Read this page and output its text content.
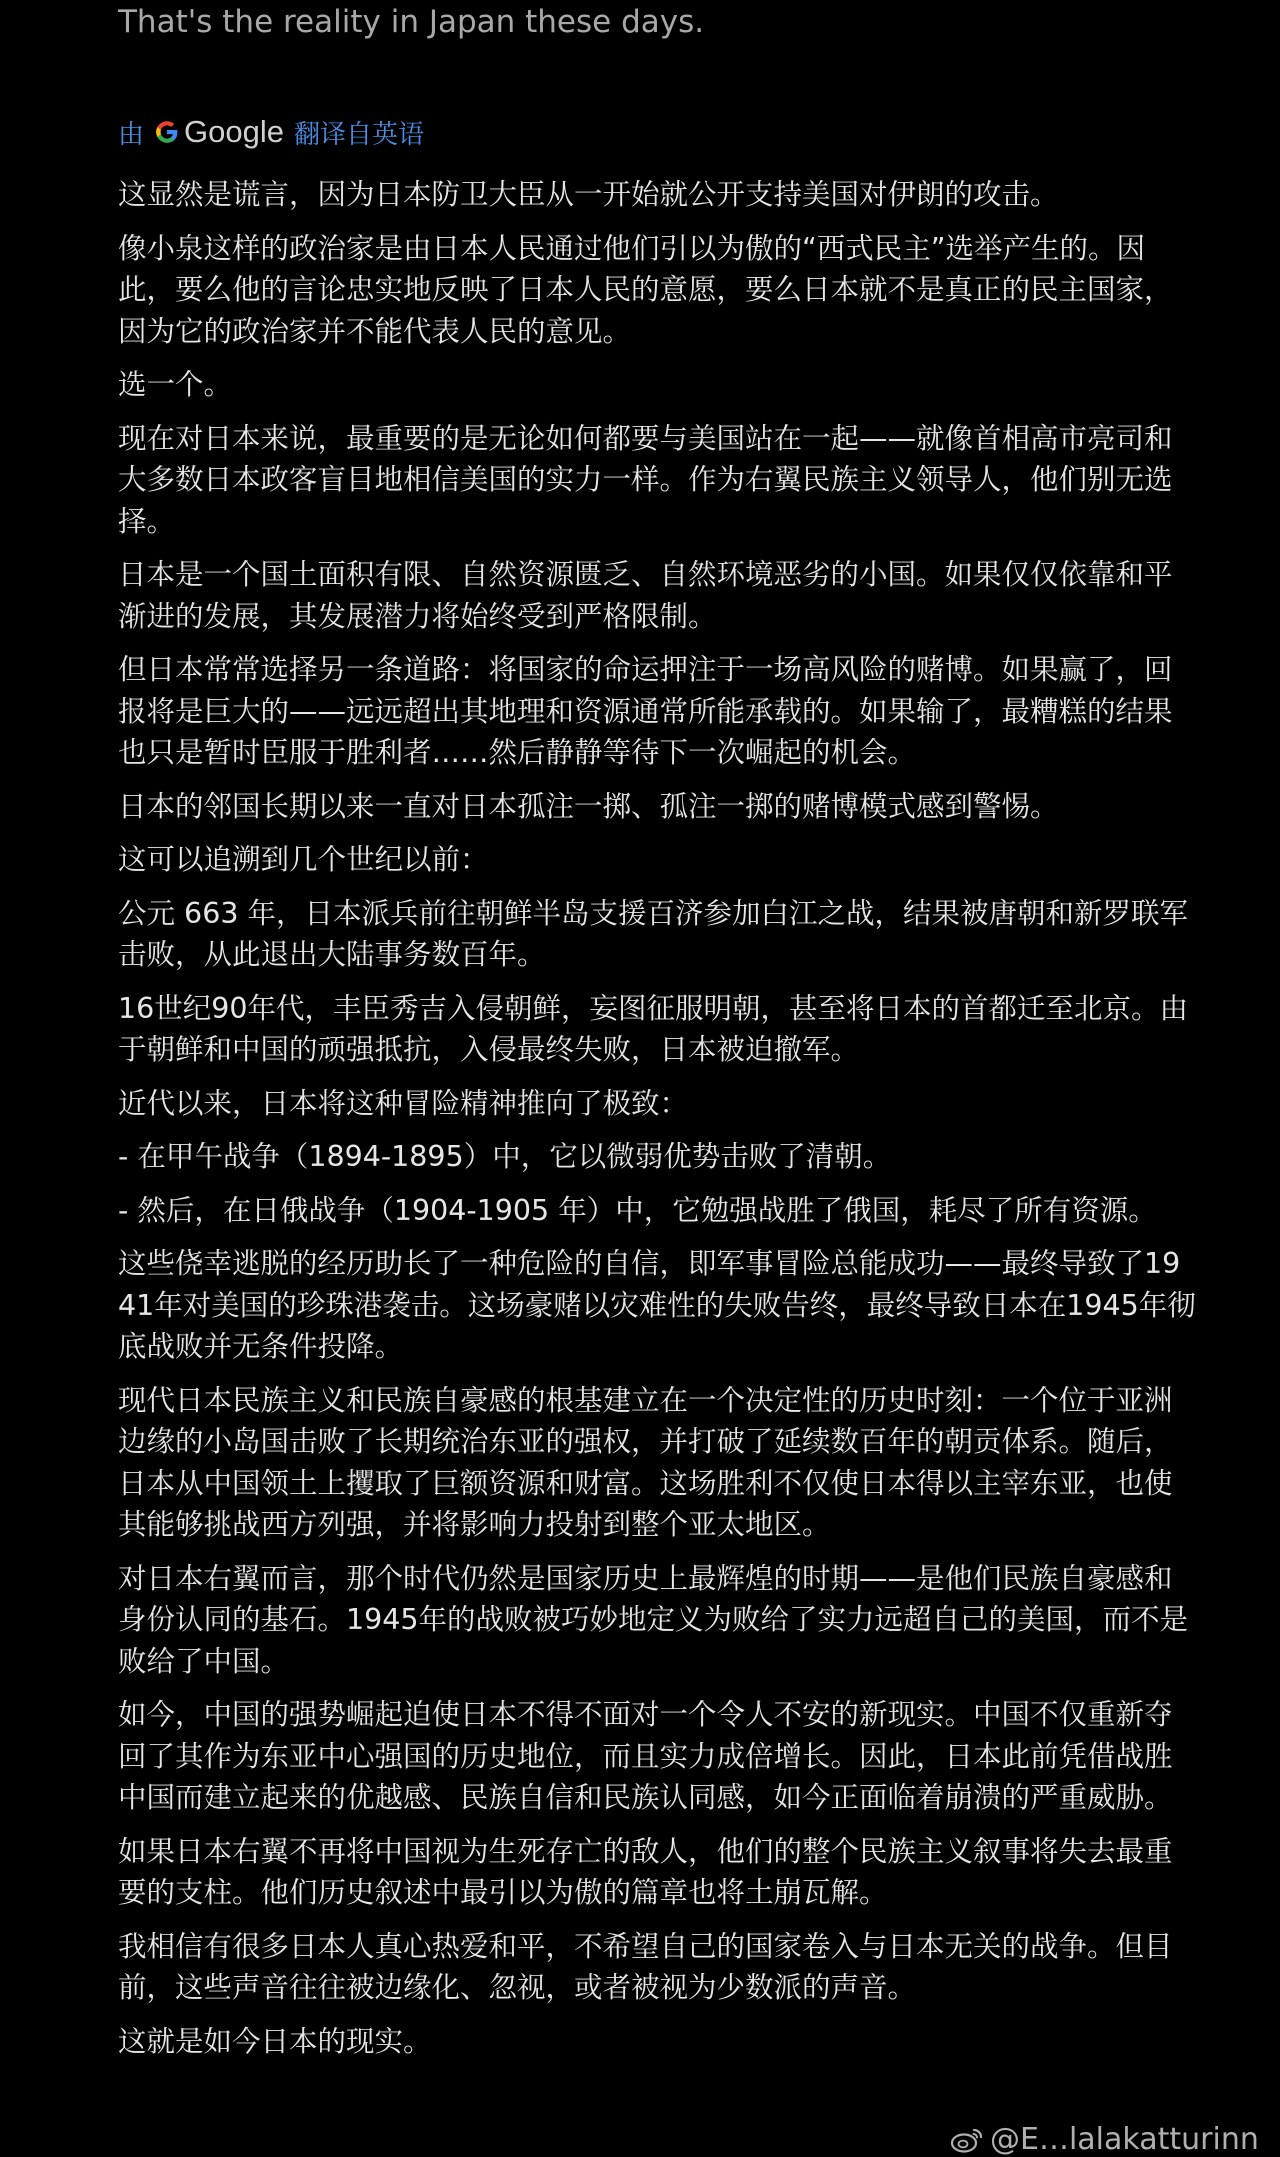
That's the reality in Japan these days.

由 Google 翻译自英语

这显然是谎言，因为日本防卫大臣从一开始就公开支持美国对伊朗的攻击。

像小泉这样的政治家是由日本人民通过他们引以为傲的“西式民主”选举产生的。因此，要么他的言论忠实地反映了日本人民的意愿，要么日本就不是真正的民主国家，因为它的政治家并不能代表人民的意见。

选一个。

现在对日本来说，最重要的是无论如何都要与美国站在一起——就像首相高市亮司和大多数日本政客盲目地相信美国的实力一样。作为右翼民族主义领导人，他们别无选择。

日本是一个国土面积有限、自然资源匮乏、自然环境恶劣的小国。如果仅仅依靠和平渐进的发展，其发展潜力将始终受到严格限制。

但日本常常选择另一条道路：将国家的命运押注于一场高风险的赌博。如果赢了，回报将是巨大的——远远超出其地理和资源通常所能承载的。如果输了，最糟糕的结果也只是暂时臣服于胜利者……然后静静等待下一次崛起的机会。

日本的邻国长期以来一直对日本孤注一掷、孤注一掷的赌博模式感到警惕。

这可以追溯到几个世纪以前：

公元 663 年，日本派兵前往朝鲜半岛支援百济参加白江之战，结果被唐朝和新罗联军击败，从此退出大陆事务数百年。

16世纪90年代，丰臣秀吉入侵朝鲜，妄图征服明朝，甚至将日本的首都迁至北京。由于朝鲜和中国的顽强抵抗，入侵最终失败，日本被迫撤军。

近代以来，日本将这种冒险精神推向了极致：

- 在甲午战争（1894-1895）中，它以微弱优势击败了清朝。

- 然后，在日俄战争（1904-1905 年）中，它勉强战胜了俄国，耗尽了所有资源。

这些侥幸逃脱的经历助长了一种危险的自信，即军事冒险总能成功——最终导致了1941年对美国的珍珠港袭击。这场豪赌以灾难性的失败告终，最终导致日本在1945年彻底战败并无条件投降。

现代日本民族主义和民族自豪感的根基建立在一个决定性的历史时刻：一个位于亚洲边缘的小岛国击败了长期统治东亚的强权，并打破了延续数百年的朝贡体系。随后，日本从中国领土上攫取了巨额资源和财富。这场胜利不仅使日本得以主宰东亚，也使其能够挑战西方列强，并将影响力投射到整个亚太地区。

对日本右翼而言，那个时代仍然是国家历史上最辉煌的时期——是他们民族自豪感和身份认同的基石。1945年的战败被巧妙地定义为败给了实力远超自己的美国，而不是败给了中国。

如今，中国的强势崛起迫使日本不得不面对一个令人不安的新现实。中国不仅重新夺回了其作为东亚中心强国的历史地位，而且实力成倍增长。因此，日本此前凭借战胜中国而建立起来的优越感、民族自信和民族认同感，如今正面临着崩溃的严重威胁。

如果日本右翼不再将中国视为生死存亡的敌人，他们的整个民族主义叙事将失去最重要的支柱。他们历史叙述中最引以为傲的篇章也将土崩瓦解。

我相信有很多日本人真心热爱和平，不希望自己的国家卷入与日本无关的战争。但目前，这些声音往往被边缘化、忽视，或者被视为少数派的声音。

这就是如今日本的现实。

@E…lalakatturinn
